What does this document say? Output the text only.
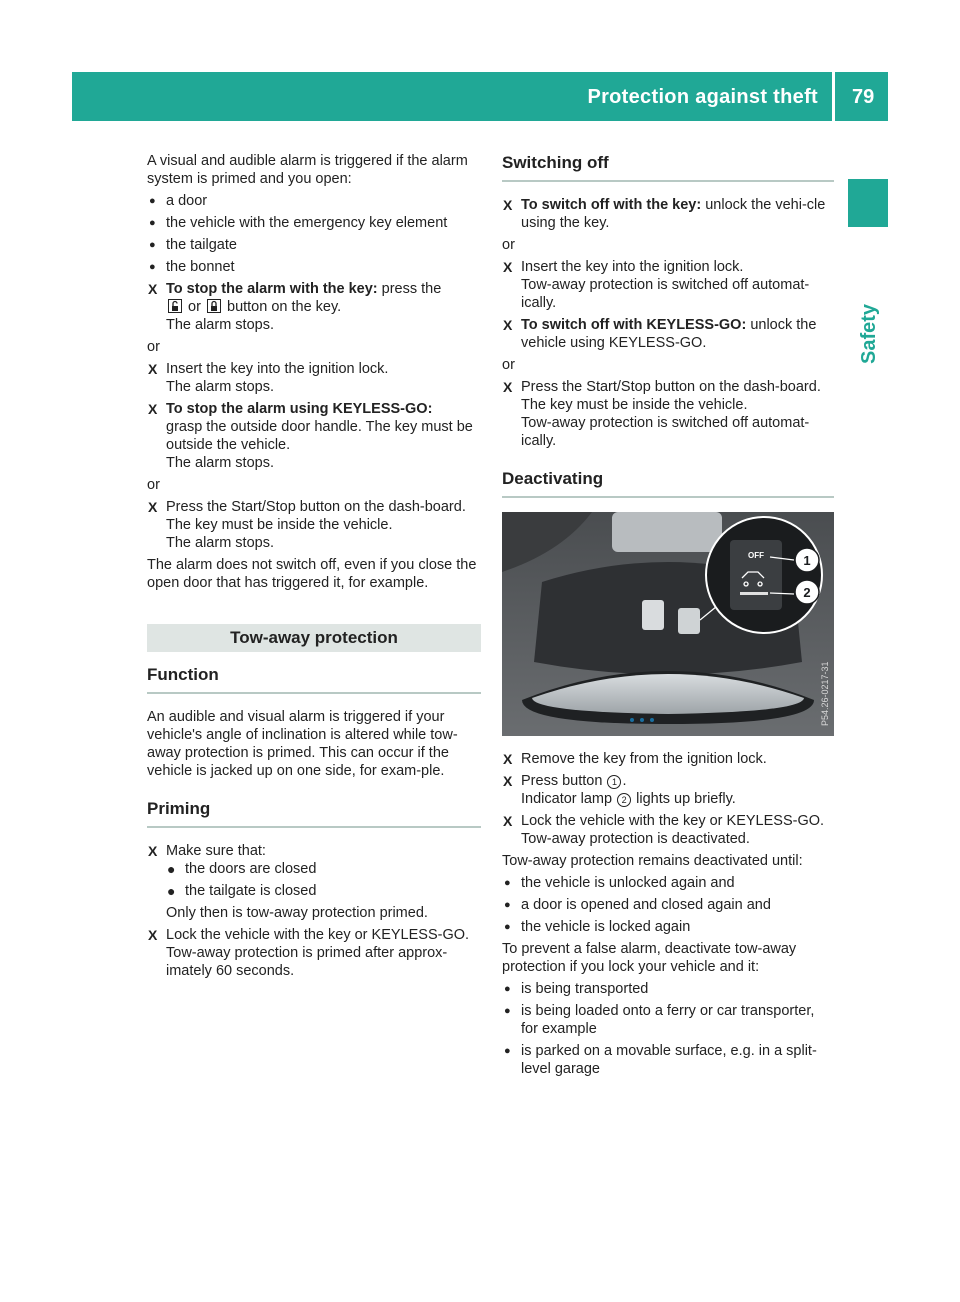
Protection against theft 79
Safety

A visual and audible alarm is triggered if the alarm system is primed and you open:

● a door
● the vehicle with the emergency key element
● the tailgate
● the bonnet
X To stop the alarm with the key: press the
or button on the key.
The alarm stops.

or

X Insert the key into the ignition lock.
The alarm stops.
X To stop the alarm using KEYLESS-GO:
grasp the outside door handle. The key must be outside the vehicle.
The alarm stops.

or

X Press the Start/Stop button on the dash-board. The key must be inside the vehicle.
The alarm stops.

The alarm does not switch off, even if you close the open door that has triggered it, for example.

Tow-away protection
Function

An audible and visual alarm is triggered if your vehicle's angle of inclination is altered while tow-away protection is primed. This can occur if the vehicle is jacked up on one side, for exam-ple.

Priming
X Make sure that:
● the doors are closed
● the tailgate is closed
Only then is tow-away protection primed.
X Lock the vehicle with the key or KEYLESS-GO.
Tow-away protection is primed after approx-imately 60 seconds.
Switching off
X To switch off with the key: unlock the vehi-cle using the key.

or

X Insert the key into the ignition lock.
Tow-away protection is switched off automat-ically.
X To switch off with KEYLESS-GO: unlock the vehicle using KEYLESS-GO.

or

X Press the Start/Stop button on the dash-board. The key must be inside the vehicle.
Tow-away protection is switched off automat-ically.
Deactivating
OFF	1
2
P54.26-0217-31
X Remove the key from the ignition lock.
X Press button 1 .
Indicator lamp 2 lights up briefly.
X Lock the vehicle with the key or KEYLESS-GO.
Tow-away protection is deactivated.

Tow-away protection remains deactivated until:

● the vehicle is unlocked again and
● a door is opened and closed again and
● the vehicle is locked again

To prevent a false alarm, deactivate tow-away protection if you lock your vehicle and it:

● is being transported
● is being loaded onto a ferry or car transporter, for example
● is parked on a movable surface, e.g. in a split-level garage
